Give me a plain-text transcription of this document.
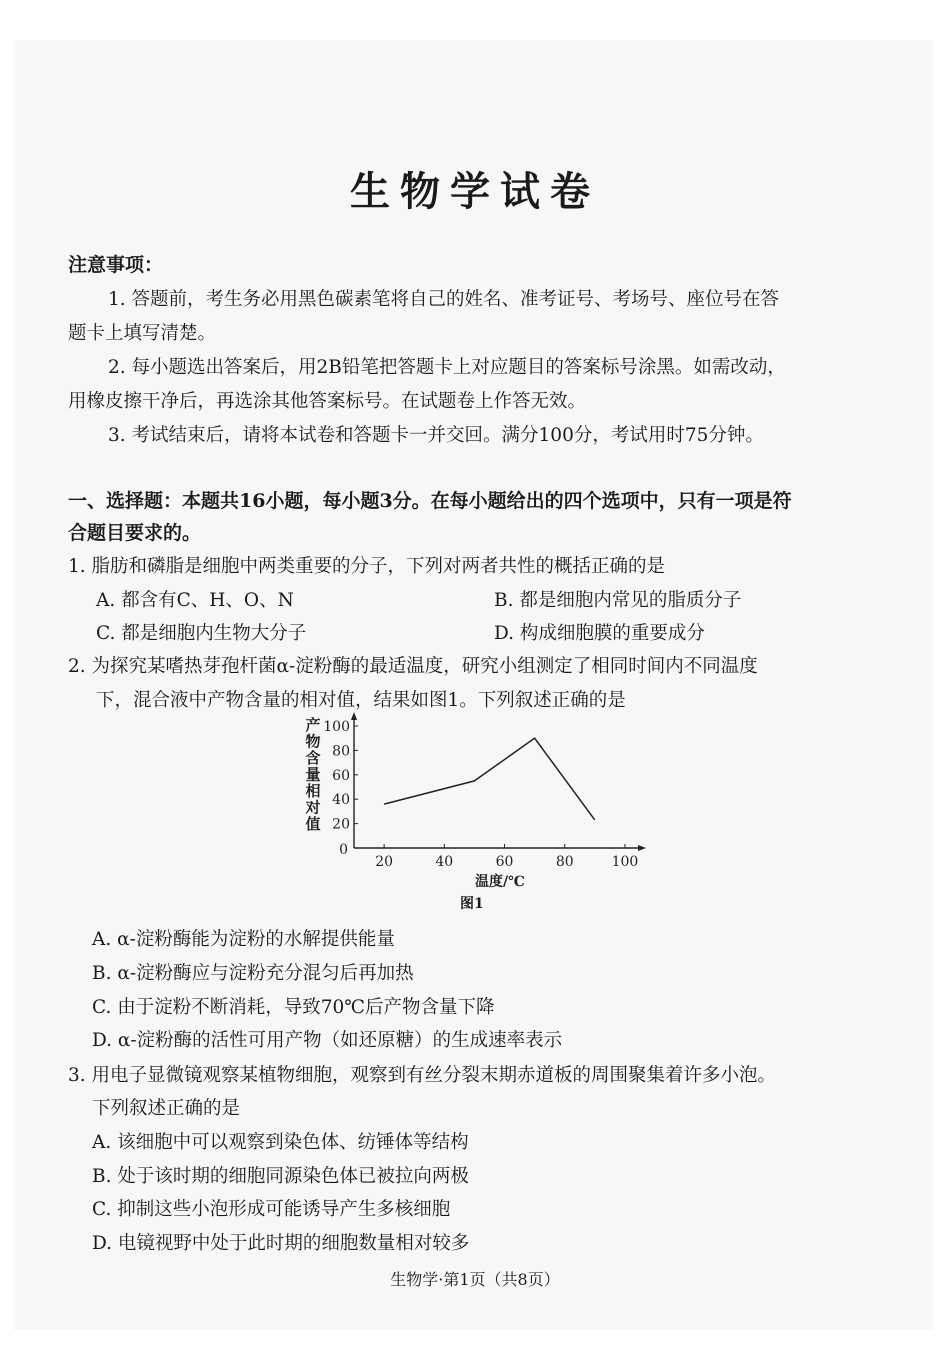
生物学试卷
注意事项：
1. 答题前，考生务必用黑色碳素笔将自己的姓名、准考证号、考场号、座位号在答
题卡上填写清楚。
2. 每小题选出答案后，用2B铅笔把答题卡上对应题目的答案标号涂黑。如需改动，
用橡皮擦干净后，再选涂其他答案标号。在试题卷上作答无效。
3. 考试结束后，请将本试卷和答题卡一并交回。满分100分，考试用时75分钟。
一、选择题：本题共16小题，每小题3分。在每小题给出的四个选项中，只有一项是符
合题目要求的。
1. 脂肪和磷脂是细胞中两类重要的分子，下列对两者共性的概括正确的是
A. 都含有C、H、O、N	B. 都是细胞内常见的脂质分子
C. 都是细胞内生物大分子	D. 构成细胞膜的重要成分
2. 为探究某嗜热芽孢杆菌α-淀粉酶的最适温度，研究小组测定了相同时间内不同温度
下，混合液中产物含量的相对值，结果如图1。下列叙述正确的是
20
40
60
80
100
0
20	40	60	80	100
温度/℃
产
物
含
量
相
对
值
图1
A. α-淀粉酶能为淀粉的水解提供能量
B. α-淀粉酶应与淀粉充分混匀后再加热
C. 由于淀粉不断消耗，导致70℃后产物含量下降
D. α-淀粉酶的活性可用产物（如还原糖）的生成速率表示
3. 用电子显微镜观察某植物细胞，观察到有丝分裂末期赤道板的周围聚集着许多小泡。
下列叙述正确的是
A. 该细胞中可以观察到染色体、纺锤体等结构
B. 处于该时期的细胞同源染色体已被拉向两极
C. 抑制这些小泡形成可能诱导产生多核细胞
D. 电镜视野中处于此时期的细胞数量相对较多
生物学·第1页（共8页）
